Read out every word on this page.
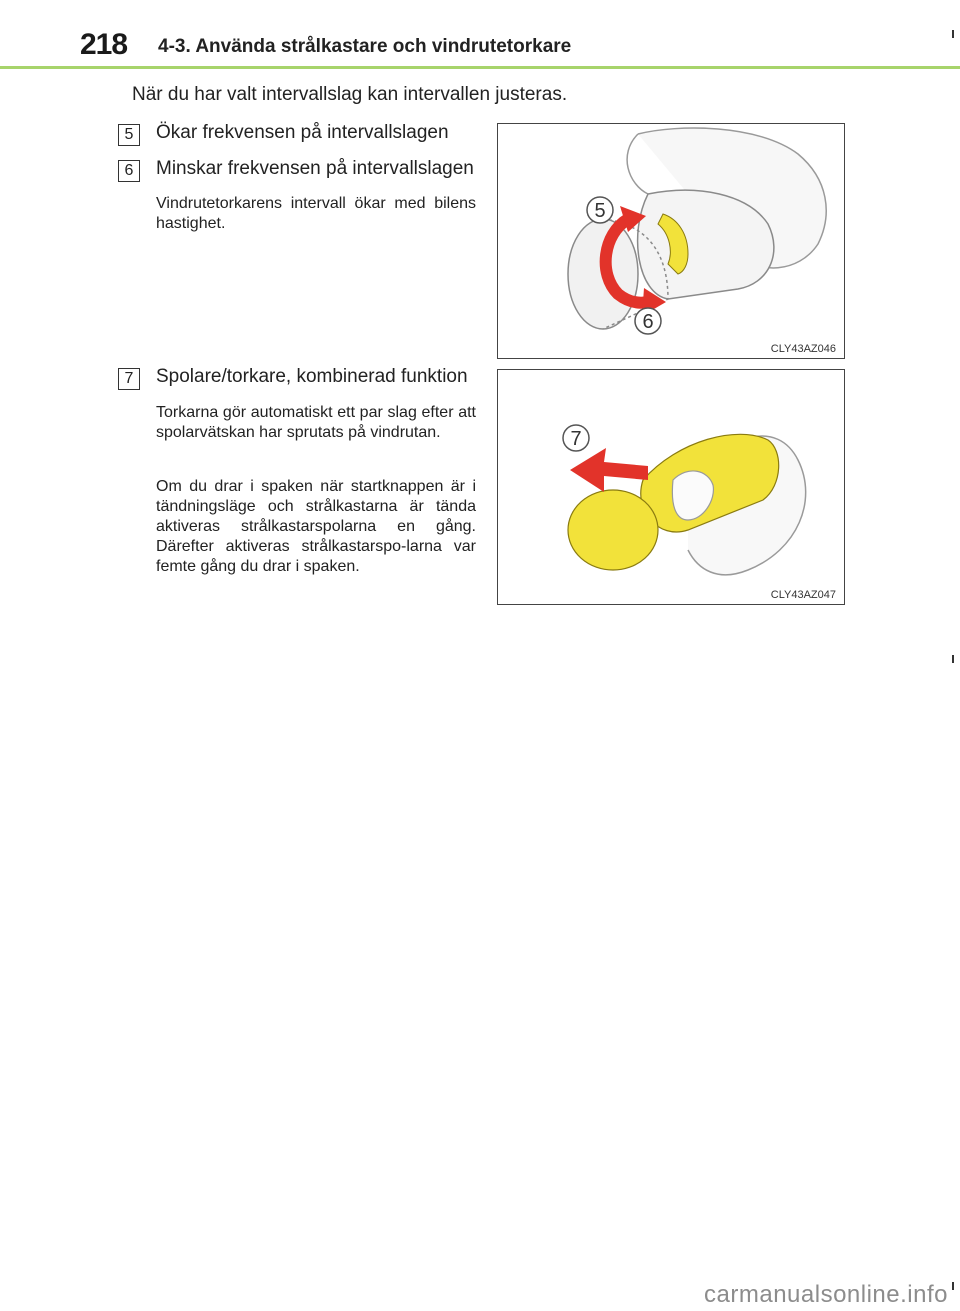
218 4-3. Använda strålkastare och vindrutetorkare
När du har valt intervallslag kan intervallen justeras.
5	Ökar frekvensen på intervallslagen
6	Minskar frekvensen på intervallslagen
Vindrutetorkarens intervall ökar med bilens hastighet.
7	Spolare/torkare, kombinerad funktion
Torkarna gör automatiskt ett par slag efter att spolarvätskan har sprutats på vindrutan.
Om du drar i spaken när startknappen är i tändningsläge och strålkastarna är tända aktiveras strålkastarspolarna en gång. Därefter aktiveras strålkastarspo-larna var femte gång du drar i spaken.
5
6
CLY43AZ046
7
CLY43AZ047
carmanualsonline.info
